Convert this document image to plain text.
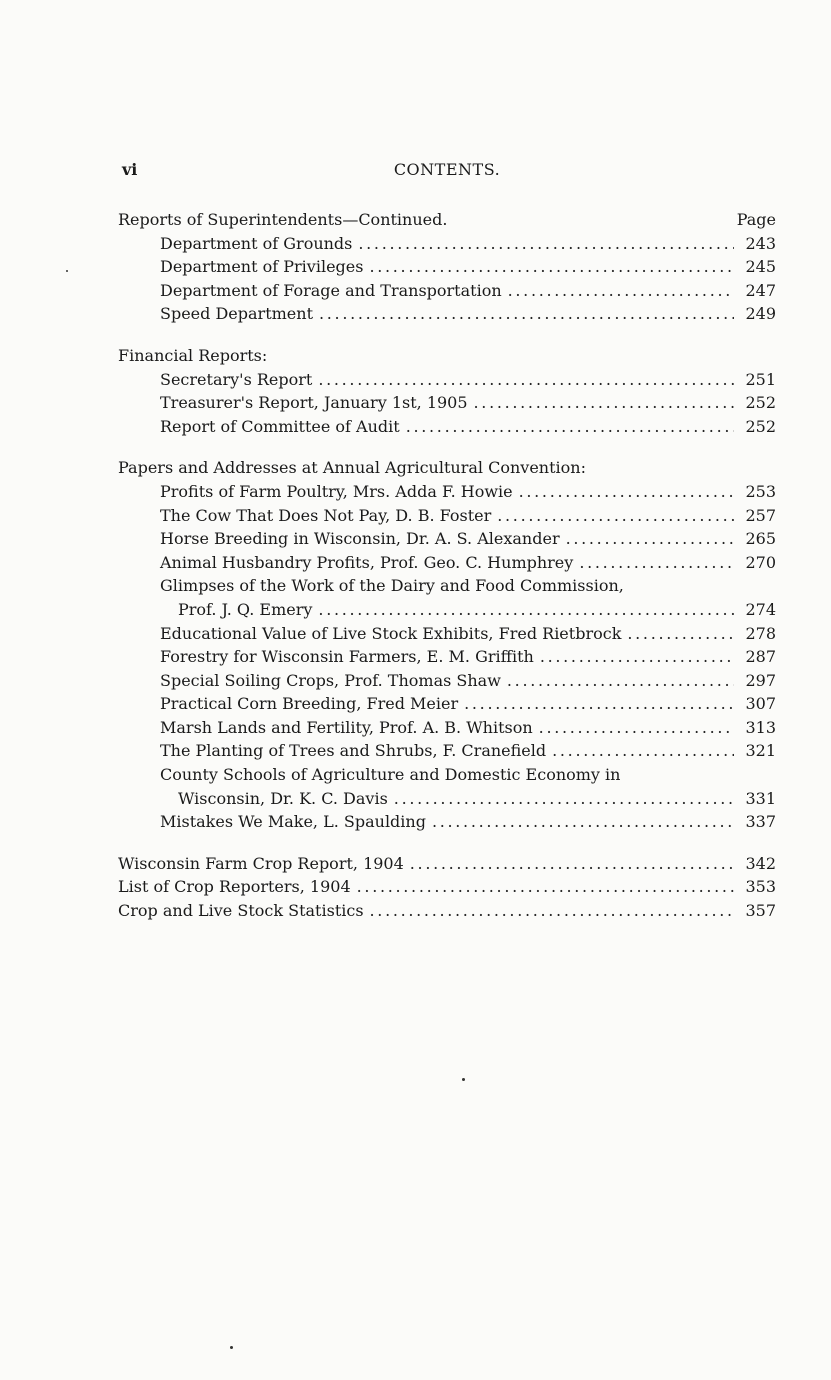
vi	CONTENTS.
Reports of Superintendents—Continued.	Page
Department of Grounds . . .	243
Department of Privileges . . .	245
Department of Forage and Transportation . . .	247
Speed Department . . .	249
Financial Reports:
Secretary's Report . . .	251
Treasurer's Report, January 1st, 1905 . . .	252
Report of Committee of Audit . . .	252
Papers and Addresses at Annual Agricultural Convention:
Profits of Farm Poultry, Mrs. Adda F. Howie . . .	253
The Cow That Does Not Pay, D. B. Foster . . .	257
Horse Breeding in Wisconsin, Dr. A. S. Alexander . . .	265
Animal Husbandry Profits, Prof. Geo. C. Humphrey . . .	270
Glimpses of the Work of the Dairy and Food Commission,
Prof. J. Q. Emery . . .	274
Educational Value of Live Stock Exhibits, Fred Rietbrock . . .	278
Forestry for Wisconsin Farmers, E. M. Griffith . . .	287
Special Soiling Crops, Prof. Thomas Shaw . . .	297
Practical Corn Breeding, Fred Meier . . .	307
Marsh Lands and Fertility, Prof. A. B. Whitson . . .	313
The Planting of Trees and Shrubs, F. Cranefield . . .	321
County Schools of Agriculture and Domestic Economy in
Wisconsin, Dr. K. C. Davis . . .	331
Mistakes We Make, L. Spaulding . . .	337
Wisconsin Farm Crop Report, 1904 . . .	342
List of Crop Reporters, 1904 . . .	353
Crop and Live Stock Statistics . . .	357
